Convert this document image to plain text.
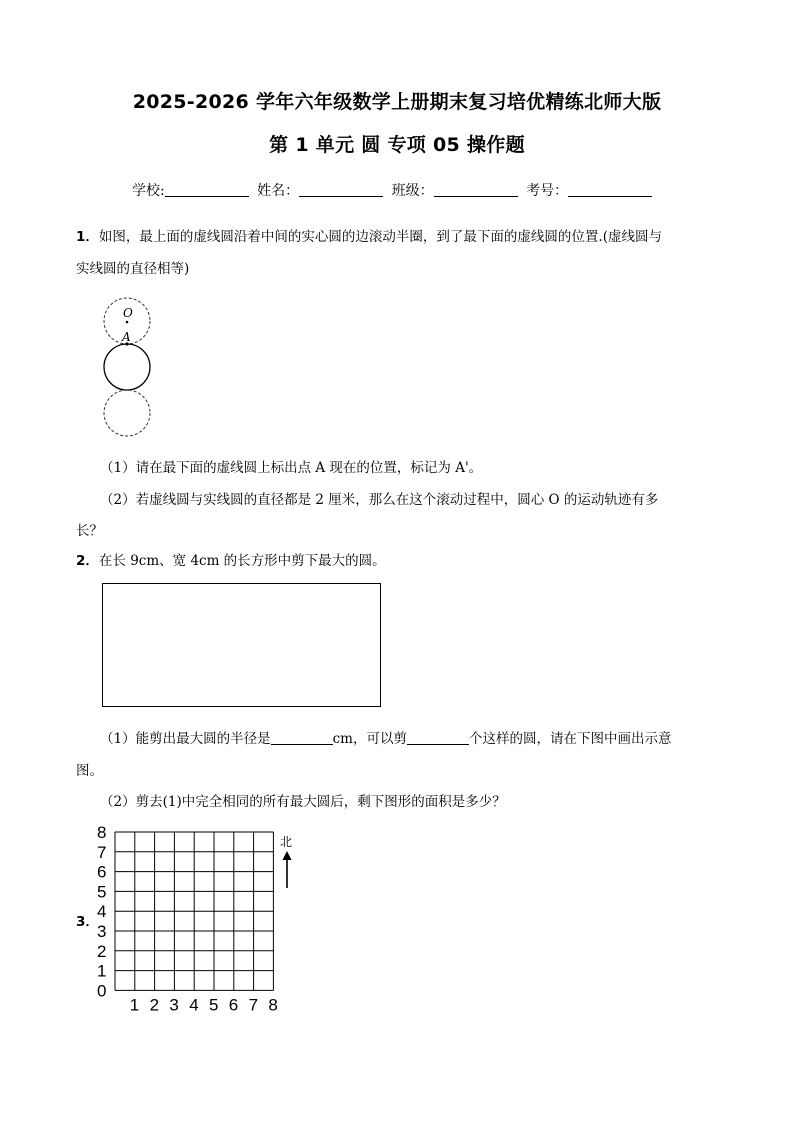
2025-2026 学年六年级数学上册期末复习培优精练北师大版
第 1 单元 圆 专项 05 操作题
学校:	姓名：	班级：	考号：
1．如图，最上面的虚线圆沿着中间的实心圆的边滚动半圈，到了最下面的虚线圆的位置.(虚线圆与
实线圆的直径相等)
O
A
（1）请在最下面的虚线圆上标出点 A 现在的位置，标记为 A'。
（2）若虚线圆与实线圆的直径都是 2 厘米，那么在这个滚动过程中，圆心 O 的运动轨迹有多
长？
2．在长 9cm、宽 4cm 的长方形中剪下最大的圆。
（1）能剪出最大圆的半径是	cm，可以剪	个这样的圆，请在下图中画出示意
图。
（2）剪去(1)中完全相同的所有最大圆后，剩下图形的面积是多少？
3．
8
7
6
5
4
3
2
1
0
1 2 3 4 5 6 7 8
北
